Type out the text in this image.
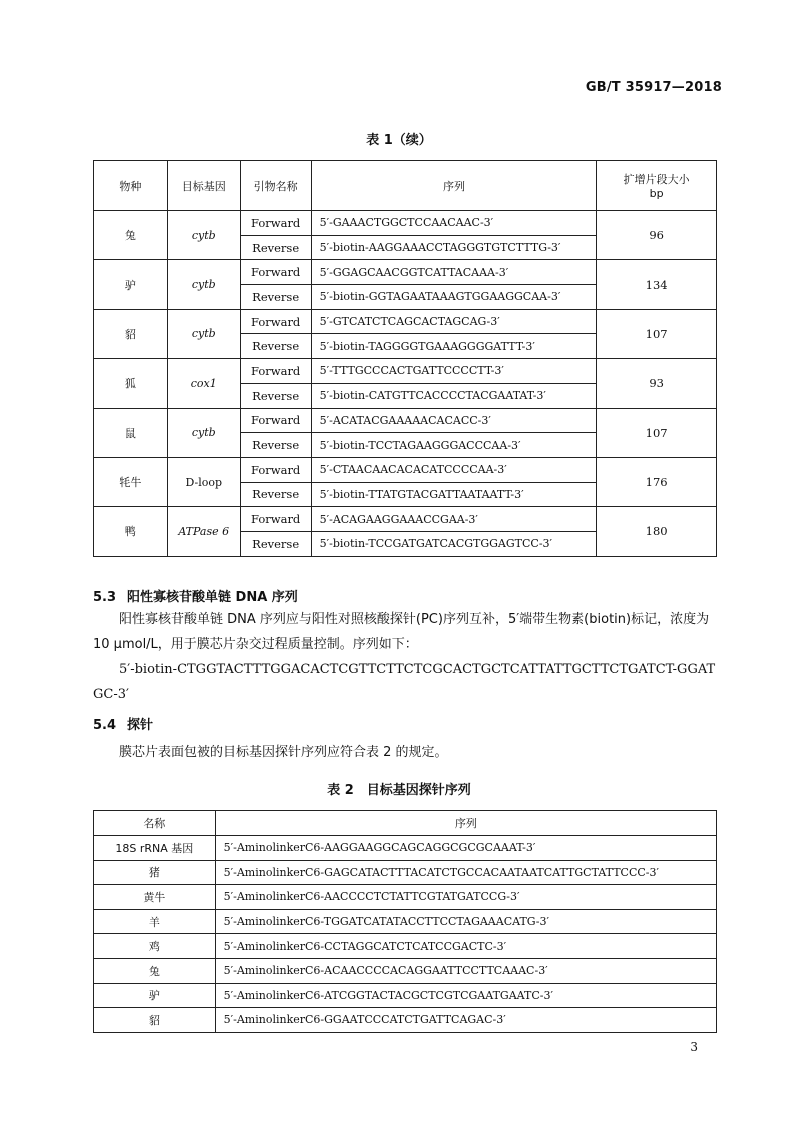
GB/T 35917—2018
表 1（续）
物种	目标基因	引物名称	序列	扩增片段大小
bp
兔	cytb	Forward	5′-GAAACTGGCTCCAACAAC-3′	96
		Reverse	5′-biotin-AAGGAAACCTAGGGTGTCTTTG-3′	
驴	cytb	Forward	5′-GGAGCAACGGTCATTACAAA-3′	134
		Reverse	5′-biotin-GGTAGAATAAAGTGGAAGGCAA-3′	
貂	cytb	Forward	5′-GTCATCTCAGCACTAGCAG-3′	107
		Reverse	5′-biotin-TAGGGGTGAAAGGGGATTT-3′	
狐	cox1	Forward	5′-TTTGCCCACTGATTCCCCTT-3′	93
		Reverse	5′-biotin-CATGTTCACCCCTACGAATAT-3′	
鼠	cytb	Forward	5′-ACATACGAAAAACACACC-3′	107
		Reverse	5′-biotin-TCCTAGAAGGGACCCAA-3′	
牦牛	D-loop	Forward	5′-CTAACAACACACATCCCCAA-3′	176
		Reverse	5′-biotin-TTATGTACGATTAATAATT-3′	
鸭	ATPase 6	Forward	5′-ACAGAAGGAAACCGAA-3′	180
		Reverse	5′-biotin-TCCGATGATCACGTGGAGTCC-3′	
5.3 阳性寡核苷酸单链 DNA 序列
阳性寡核苷酸单链 DNA 序列应与阳性对照核酸探针(PC)序列互补，5′端带生物素(biotin)标记，浓度为 10 μmol/L，用于膜芯片杂交过程质量控制。序列如下：
5′-biotin-CTGGTACTTTGGACACTCGTTCTTCTCGCACTGCTCATTATTGCTTCTGATCT-GGATGC-3′
5.4 探针
膜芯片表面包被的目标基因探针序列应符合表 2 的规定。
表 2　目标基因探针序列
名称	序列
18S rRNA 基因	5′-AminolinkerC6-AAGGAAGGCAGCAGGCGCGCAAAT-3′
猪	5′-AminolinkerC6-GAGCATACTTTACATCTGCCACAATAATCATTGCTATTCCC-3′
黄牛	5′-AminolinkerC6-AACCCCTCTATTCGTATGATCCG-3′
羊	5′-AminolinkerC6-TGGATCATATACCTTCCTAGAAACATG-3′
鸡	5′-AminolinkerC6-CCTAGGCATCTCATCCGACTC-3′
兔	5′-AminolinkerC6-ACAACCCCACAGGAATTCCTTCAAAC-3′
驴	5′-AminolinkerC6-ATCGGTACTACGCTCGTCGAATGAATC-3′
貂	5′-AminolinkerC6-GGAATCCCATCTGATTCAGAC-3′
3
